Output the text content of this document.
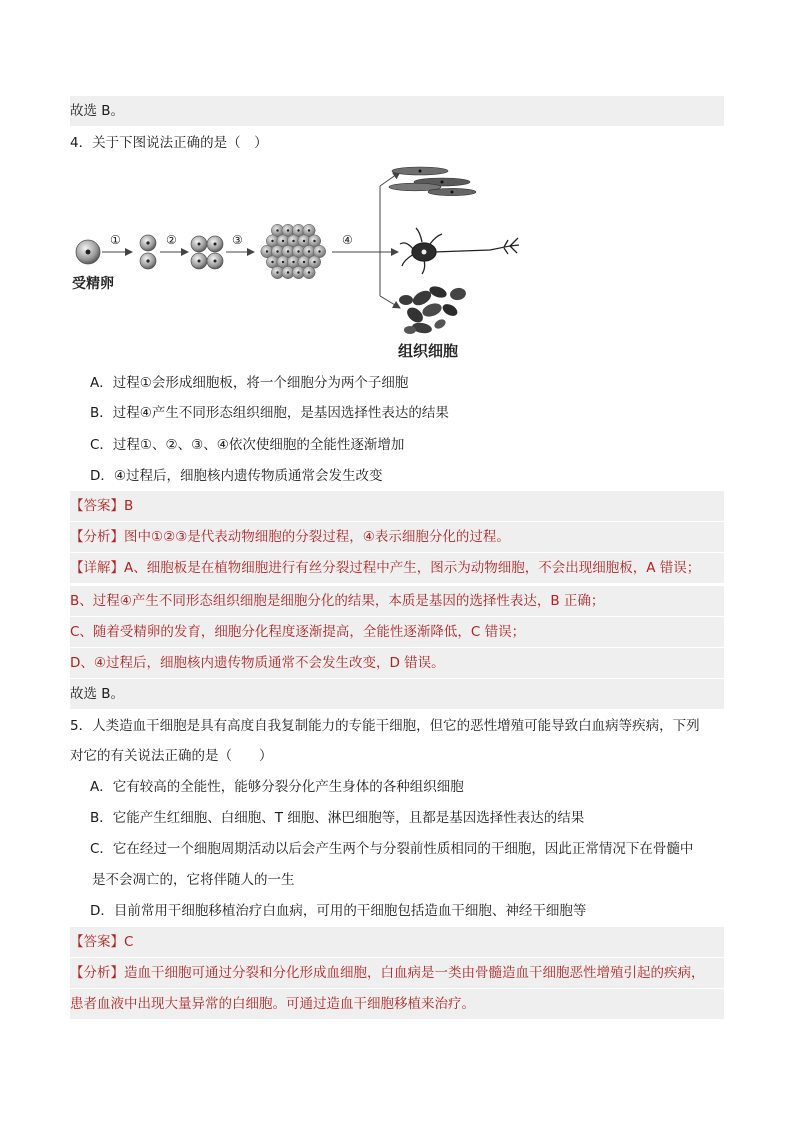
故选 B。
4．关于下图说法正确的是（　）
受精卵
①	②	③	④
组织细胞
A．过程①会形成细胞板，将一个细胞分为两个子细胞
B．过程④产生不同形态组织细胞，是基因选择性表达的结果
C．过程①、②、③、④依次使细胞的全能性逐渐增加
D．④过程后，细胞核内遗传物质通常会发生改变
【答案】B
【分析】图中①②③是代表动物细胞的分裂过程，④表示细胞分化的过程。
【详解】A、细胞板是在植物细胞进行有丝分裂过程中产生，图示为动物细胞，不会出现细胞板，A 错误；
B、过程④产生不同形态组织细胞是细胞分化的结果，本质是基因的选择性表达，B 正确；
C、随着受精卵的发育，细胞分化程度逐渐提高，全能性逐渐降低，C 错误；
D、④过程后，细胞核内遗传物质通常不会发生改变，D 错误。
故选 B。
5．人类造血干细胞是具有高度自我复制能力的专能干细胞，但它的恶性增殖可能导致白血病等疾病，下列
对它的有关说法正确的是（　　）
A．它有较高的全能性，能够分裂分化产生身体的各种组织细胞
B．它能产生红细胞、白细胞、T 细胞、淋巴细胞等，且都是基因选择性表达的结果
C．它在经过一个细胞周期活动以后会产生两个与分裂前性质相同的干细胞，因此正常情况下在骨髓中
是不会凋亡的，它将伴随人的一生
D．目前常用干细胞移植治疗白血病，可用的干细胞包括造血干细胞、神经干细胞等
【答案】C
【分析】造血干细胞可通过分裂和分化形成血细胞，白血病是一类由骨髓造血干细胞恶性增殖引起的疾病，
患者血液中出现大量异常的白细胞。可通过造血干细胞移植来治疗。
